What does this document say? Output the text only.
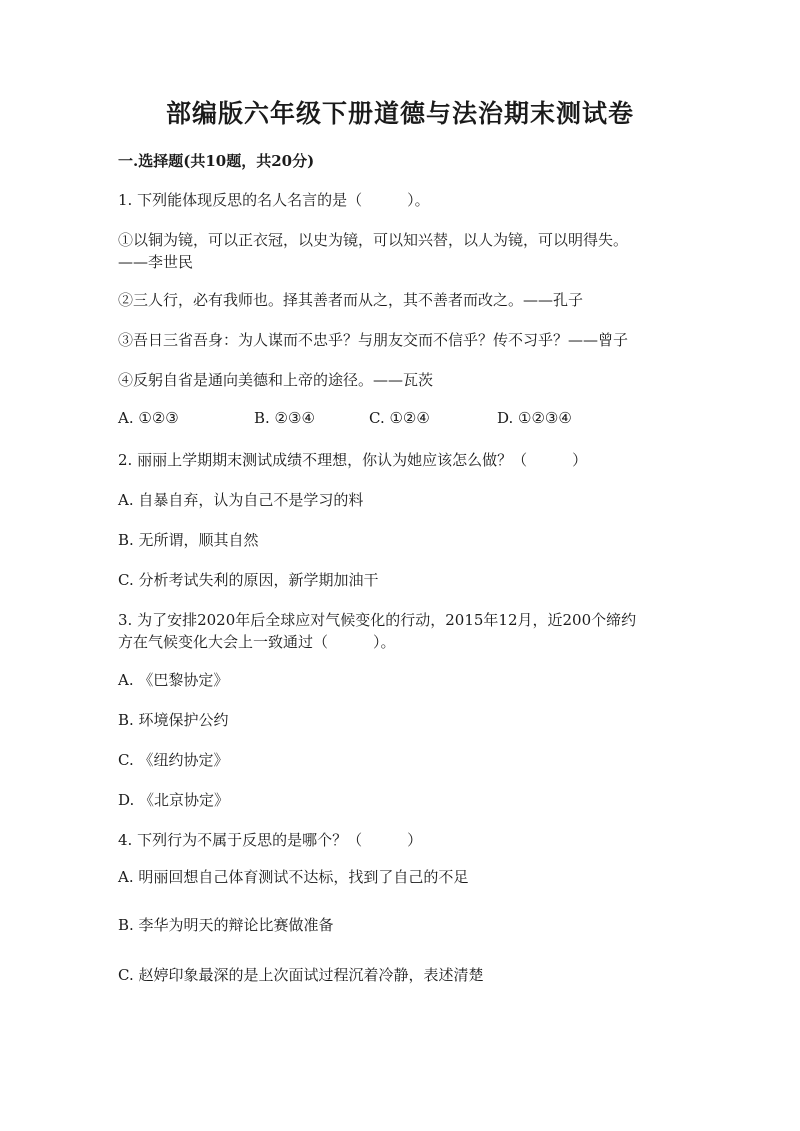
部编版六年级下册道德与法治期末测试卷
一.选择题(共10题，共20分)
1. 下列能体现反思的名人名言的是（　　　）。
①以铜为镜，可以正衣冠，以史为镜，可以知兴替，以人为镜，可以明得失。
——李世民
②三人行，必有我师也。择其善者而从之，其不善者而改之。——孔子
③吾日三省吾身：为人谋而不忠乎？与朋友交而不信乎？传不习乎？——曾子
④反躬自省是通向美德和上帝的途径。——瓦茨
A. ①②③	B. ②③④	C. ①②④	D. ①②③④
2. 丽丽上学期期末测试成绩不理想，你认为她应该怎么做？（　　　）
A. 自暴自弃，认为自己不是学习的料
B. 无所谓，顺其自然
C. 分析考试失利的原因，新学期加油干
3. 为了安排2020年后全球应对气候变化的行动，2015年12月，近200个缔约
方在气候变化大会上一致通过（　　　）。
A. 《巴黎协定》
B. 环境保护公约
C. 《纽约协定》
D. 《北京协定》
4. 下列行为不属于反思的是哪个？（　　　）
A. 明丽回想自己体育测试不达标，找到了自己的不足
B. 李华为明天的辩论比赛做准备
C. 赵婷印象最深的是上次面试过程沉着冷静，表述清楚
